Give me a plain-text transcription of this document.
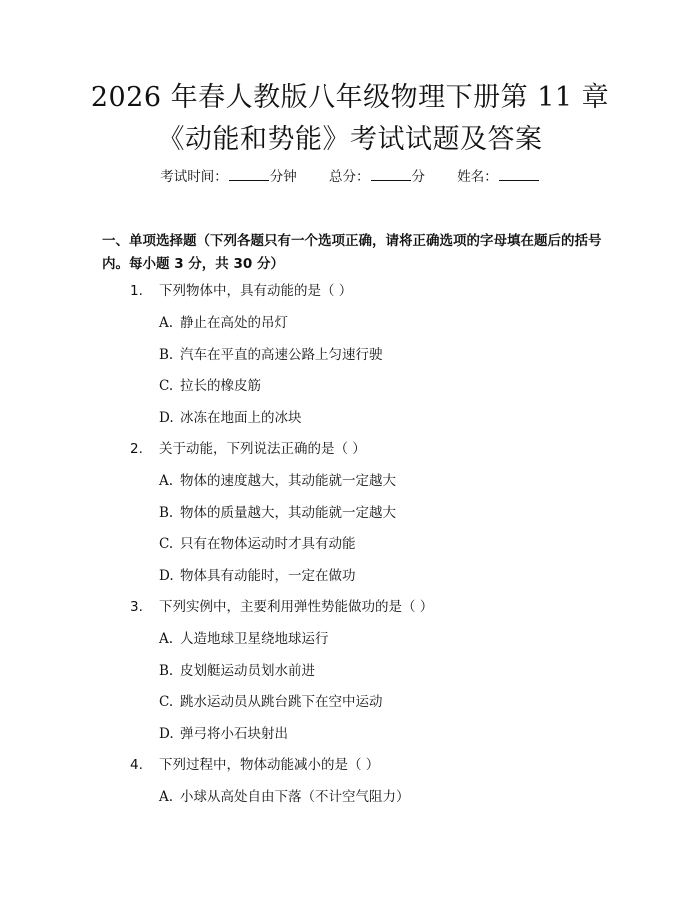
2026 年春人教版八年级物理下册第 11 章
《动能和势能》考试试题及答案
考试时间：	分钟 总分：	分 姓名：
一、单项选择题（下列各题只有一个选项正确，请将正确选项的字母填在题后的括号内。每小题 3 分，共 30 分）
1. 下列物体中，具有动能的是（ ）
A. 静止在高处的吊灯
B. 汽车在平直的高速公路上匀速行驶
C. 拉长的橡皮筋
D. 冰冻在地面上的冰块
2. 关于动能，下列说法正确的是（ ）
A. 物体的速度越大，其动能就一定越大
B. 物体的质量越大，其动能就一定越大
C. 只有在物体运动时才具有动能
D. 物体具有动能时，一定在做功
3. 下列实例中，主要利用弹性势能做功的是（ ）
A. 人造地球卫星绕地球运行
B. 皮划艇运动员划水前进
C. 跳水运动员从跳台跳下在空中运动
D. 弹弓将小石块射出
4. 下列过程中，物体动能减小的是（ ）
A. 小球从高处自由下落（不计空气阻力）
